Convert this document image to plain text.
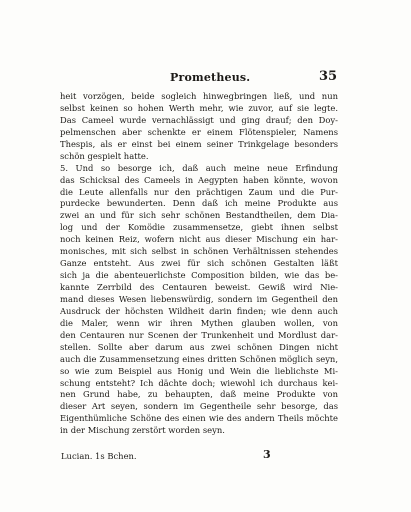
Prometheus.	35
heit vorzögen, beide sogleich hinwegbringen ließ, und nun
selbst keinen so hohen Werth mehr, wie zuvor, auf sie legte.
Das Cameel wurde vernachlässigt und ging drauf; den Doy-
pelmenschen aber schenkte er einem Flötenspieler, Namens
Thespis, als er einst bei einem seiner Trinkgelage besonders
schön gespielt hatte.
5. Und so besorge ich, daß auch meine neue Erfindung
das Schicksal des Cameels in Aegypten haben könnte, wovon
die Leute allenfalls nur den prächtigen Zaum und die Pur-
purdecke bewunderten. Denn daß ich meine Produkte aus
zwei an und für sich sehr schönen Bestandtheilen, dem Dia-
log und der Komödie zusammensetze, giebt ihnen selbst
noch keinen Reiz, wofern nicht aus dieser Mischung ein har-
monisches, mit sich selbst in schönen Verhältnissen stehendes
Ganze entsteht. Aus zwei für sich schönen Gestalten läßt
sich ja die abenteuerlichste Composition bilden, wie das be-
kannte Zerrbild des Centauren beweist. Gewiß wird Nie-
mand dieses Wesen liebenswürdig, sondern im Gegentheil den
Ausdruck der höchsten Wildheit darin finden; wie denn auch
die Maler, wenn wir ihren Mythen glauben wollen, von
den Centauren nur Scenen der Trunkenheit und Mordlust dar-
stellen. Sollte aber darum aus zwei schönen Dingen nicht
auch die Zusammensetzung eines dritten Schönen möglich seyn,
so wie zum Beispiel aus Honig und Wein die lieblichste Mi-
schung entsteht? Ich dächte doch; wiewohl ich durchaus kei-
nen Grund habe, zu behaupten, daß meine Produkte von
dieser Art seyen, sondern im Gegentheile sehr besorge, das
Eigenthümliche Schöne des einen wie des andern Theils möchte
in der Mischung zerstört worden seyn.
Lucian. 1s Bchen.	3
